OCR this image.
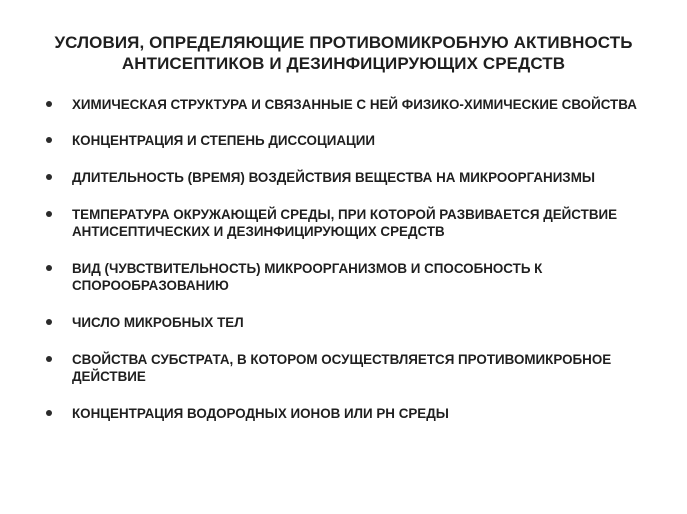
УСЛОВИЯ, ОПРЕДЕЛЯЮЩИЕ ПРОТИВОМИКРОБНУЮ АКТИВНОСТЬ
АНТИСЕПТИКОВ И ДЕЗИНФИЦИРУЮЩИХ СРЕДСТВ
ХИМИЧЕСКАЯ СТРУКТУРА И СВЯЗАННЫЕ С НЕЙ ФИЗИКО-ХИМИЧЕСКИЕ СВОЙСТВА
КОНЦЕНТРАЦИЯ И СТЕПЕНЬ ДИССОЦИАЦИИ
ДЛИТЕЛЬНОСТЬ (ВРЕМЯ) ВОЗДЕЙСТВИЯ ВЕЩЕСТВА НА МИКРООРГАНИЗМЫ
ТЕМПЕРАТУРА ОКРУЖАЮЩЕЙ СРЕДЫ, ПРИ КОТОРОЙ РАЗВИВАЕТСЯ ДЕЙСТВИЕ АНТИСЕПТИЧЕСКИХ И ДЕЗИНФИЦИРУЮЩИХ СРЕДСТВ
ВИД (ЧУВСТВИТЕЛЬНОСТЬ) МИКРООРГАНИЗМОВ И СПОСОБНОСТЬ К СПОРООБРАЗОВАНИЮ
ЧИСЛО МИКРОБНЫХ ТЕЛ
СВОЙСТВА СУБСТРАТА, В КОТОРОМ ОСУЩЕСТВЛЯЕТСЯ ПРОТИВОМИКРОБНОЕ ДЕЙСТВИЕ
КОНЦЕНТРАЦИЯ ВОДОРОДНЫХ ИОНОВ ИЛИ РН СРЕДЫ
